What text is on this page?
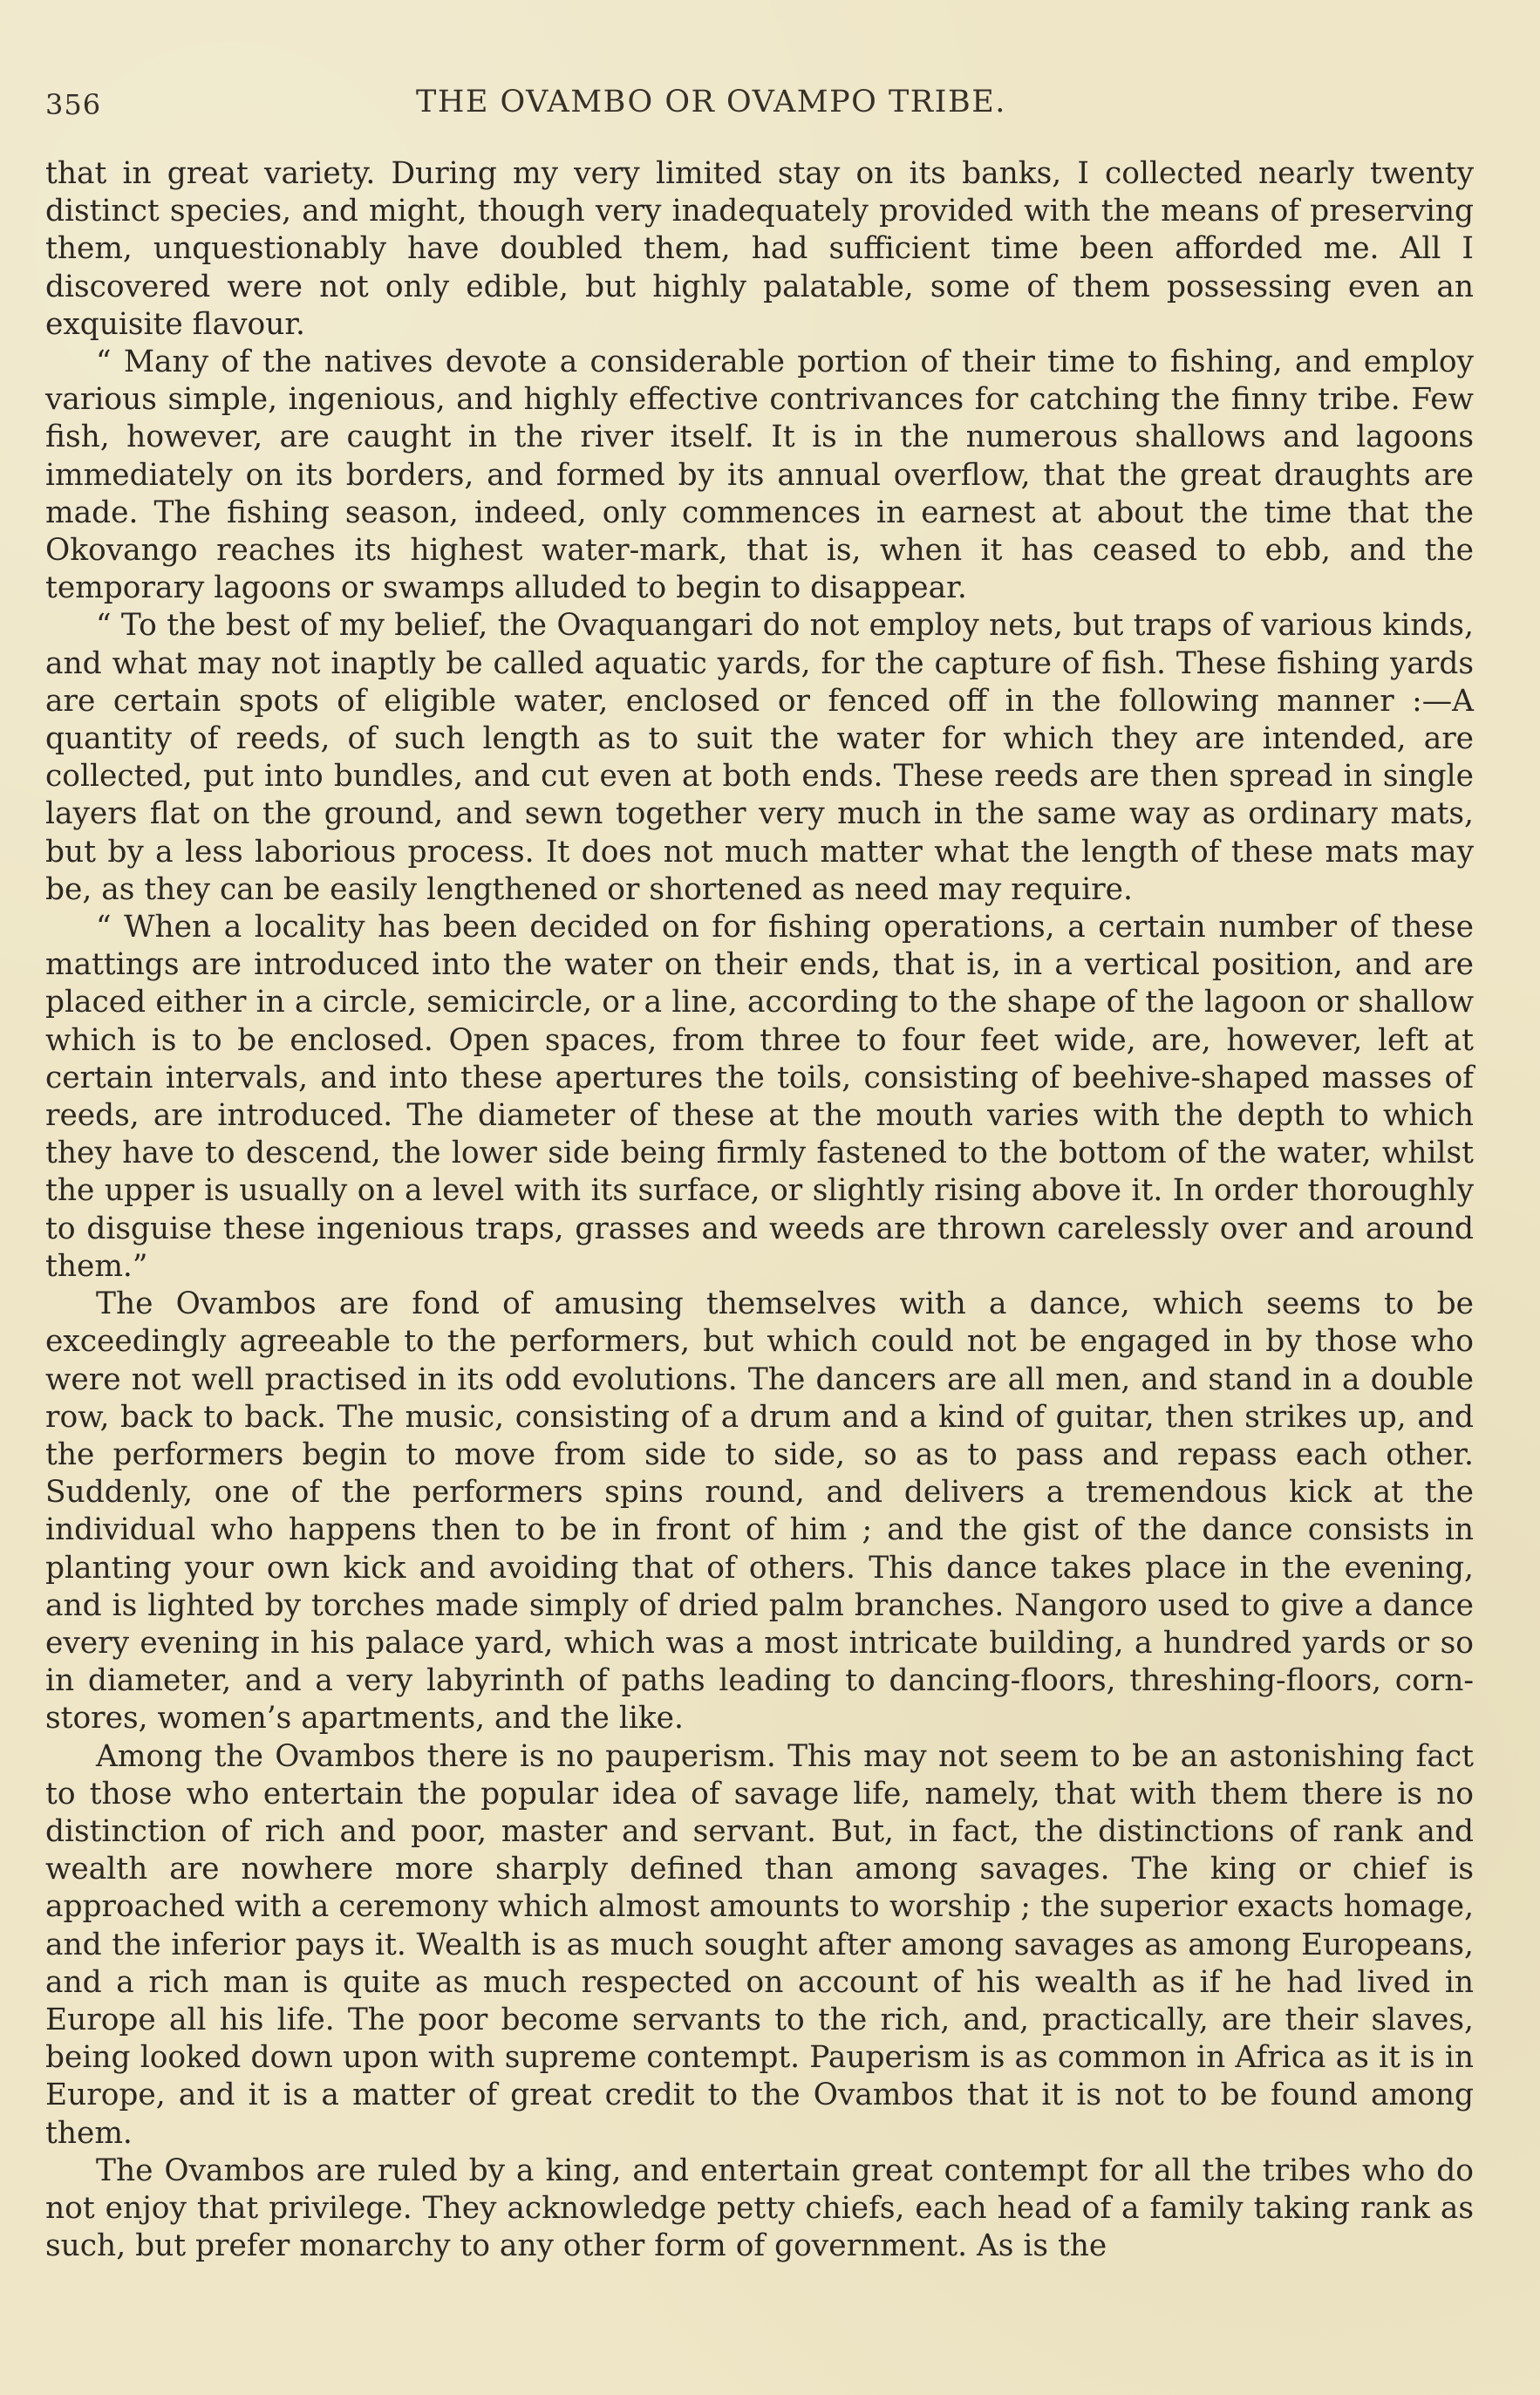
356	THE OVAMBO OR OVAMPO TRIBE.

that in great variety. During my very limited stay on its banks, I collected nearly twenty distinct species, and might, though very inadequately provided with the means of preserving them, unquestionably have doubled them, had sufficient time been afforded me. All I discovered were not only edible, but highly palatable, some of them possessing even an exquisite flavour.

“ Many of the natives devote a considerable portion of their time to fishing, and employ various simple, ingenious, and highly effective contrivances for catching the finny tribe. Few fish, however, are caught in the river itself. It is in the numerous shallows and lagoons immediately on its borders, and formed by its annual overflow, that the great draughts are made. The fishing season, indeed, only commences in earnest at about the time that the Okovango reaches its highest water-mark, that is, when it has ceased to ebb, and the temporary lagoons or swamps alluded to begin to disappear.

“ To the best of my belief, the Ovaquangari do not employ nets, but traps of various kinds, and what may not inaptly be called aquatic yards, for the capture of fish. These fishing yards are certain spots of eligible water, enclosed or fenced off in the following manner :—A quantity of reeds, of such length as to suit the water for which they are intended, are collected, put into bundles, and cut even at both ends. These reeds are then spread in single layers flat on the ground, and sewn together very much in the same way as ordinary mats, but by a less laborious process. It does not much matter what the length of these mats may be, as they can be easily lengthened or shortened as need may require.

“ When a locality has been decided on for fishing operations, a certain number of these mattings are introduced into the water on their ends, that is, in a vertical position, and are placed either in a circle, semicircle, or a line, according to the shape of the lagoon or shallow which is to be enclosed. Open spaces, from three to four feet wide, are, however, left at certain intervals, and into these apertures the toils, consisting of beehive-shaped masses of reeds, are introduced. The diameter of these at the mouth varies with the depth to which they have to descend, the lower side being firmly fastened to the bottom of the water, whilst the upper is usually on a level with its surface, or slightly rising above it. In order thoroughly to disguise these ingenious traps, grasses and weeds are thrown carelessly over and around them.”

The Ovambos are fond of amusing themselves with a dance, which seems to be exceedingly agreeable to the performers, but which could not be engaged in by those who were not well practised in its odd evolutions. The dancers are all men, and stand in a double row, back to back. The music, consisting of a drum and a kind of guitar, then strikes up, and the performers begin to move from side to side, so as to pass and repass each other. Suddenly, one of the performers spins round, and delivers a tremendous kick at the individual who happens then to be in front of him ; and the gist of the dance consists in planting your own kick and avoiding that of others. This dance takes place in the evening, and is lighted by torches made simply of dried palm branches. Nangoro used to give a dance every evening in his palace yard, which was a most intricate building, a hundred yards or so in diameter, and a very labyrinth of paths leading to dancing-floors, threshing-floors, corn-stores, women’s apartments, and the like.

Among the Ovambos there is no pauperism. This may not seem to be an astonishing fact to those who entertain the popular idea of savage life, namely, that with them there is no distinction of rich and poor, master and servant. But, in fact, the distinctions of rank and wealth are nowhere more sharply defined than among savages. The king or chief is approached with a ceremony which almost amounts to worship ; the superior exacts homage, and the inferior pays it. Wealth is as much sought after among savages as among Europeans, and a rich man is quite as much respected on account of his wealth as if he had lived in Europe all his life. The poor become servants to the rich, and, practically, are their slaves, being looked down upon with supreme contempt. Pauperism is as common in Africa as it is in Europe, and it is a matter of great credit to the Ovambos that it is not to be found among them.

The Ovambos are ruled by a king, and entertain great contempt for all the tribes who do not enjoy that privilege. They acknowledge petty chiefs, each head of a family taking rank as such, but prefer monarchy to any other form of government. As is the
